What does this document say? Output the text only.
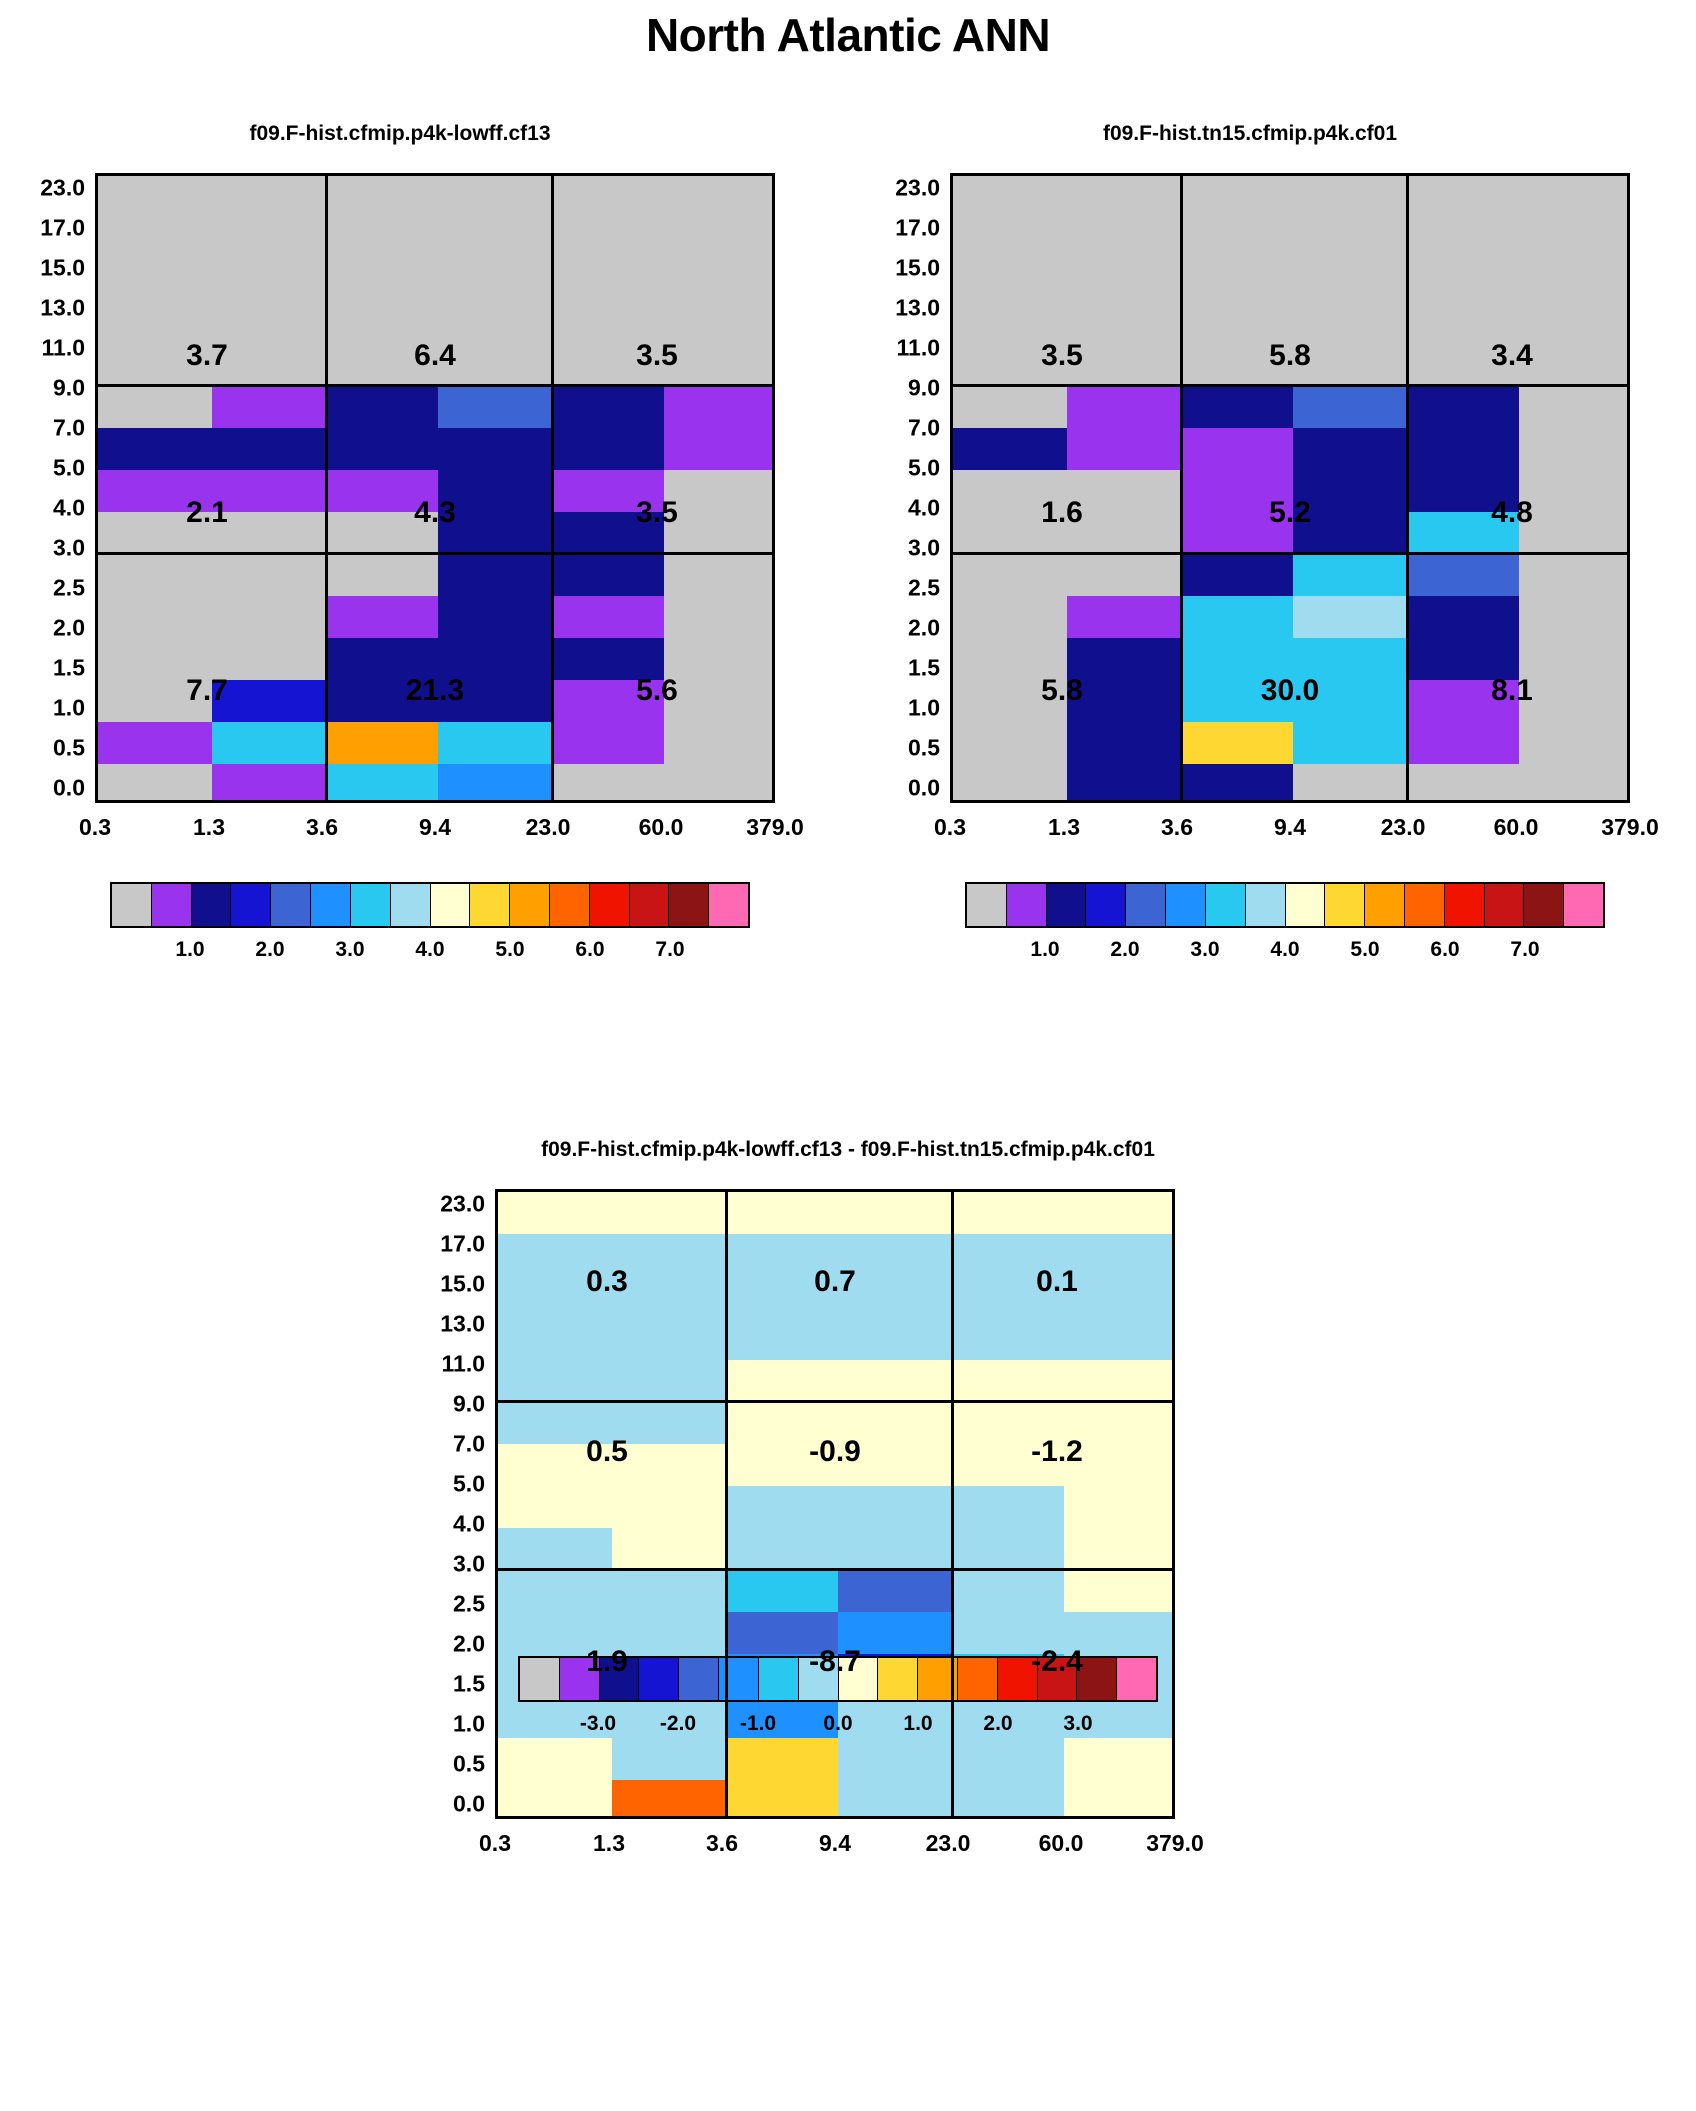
North Atlantic ANN
f09.F-hist.cfmip.p4k-lowff.cf13
23.0
17.0
15.0
13.0
11.0
9.0
7.0
5.0
4.0
3.0
2.5
2.0
1.5
1.0
0.5
0.0
3.7	6.4	3.5
2.1	4.3	3.5
7.7	21.3	5.6
0.3	1.3	3.6	9.4	23.0	60.0	379.0
1.0 2.0 3.0 4.0 5.0 6.0 7.0
f09.F-hist.tn15.cfmip.p4k.cf01
23.0
17.0
15.0
13.0
11.0
9.0
7.0
5.0
4.0
3.0
2.5
2.0
1.5
1.0
0.5
0.0
3.5	5.8	3.4
1.6	5.2	4.8
5.8	30.0	8.1
0.3	1.3	3.6	9.4	23.0	60.0	379.0
1.0 2.0 3.0 4.0 5.0 6.0 7.0
f09.F-hist.cfmip.p4k-lowff.cf13 - f09.F-hist.tn15.cfmip.p4k.cf01
23.0
17.0
15.0
13.0
11.0
9.0
7.0
5.0
4.0
3.0
2.5
2.0
1.5
1.0
0.5
0.0
0.3	0.7	0.1
0.5	-0.9	-1.2
1.9	-8.7	-2.4
0.3	1.3	3.6	9.4	23.0	60.0	379.0
-3.0 -2.0 -1.0 0.0 1.0 2.0 3.0
